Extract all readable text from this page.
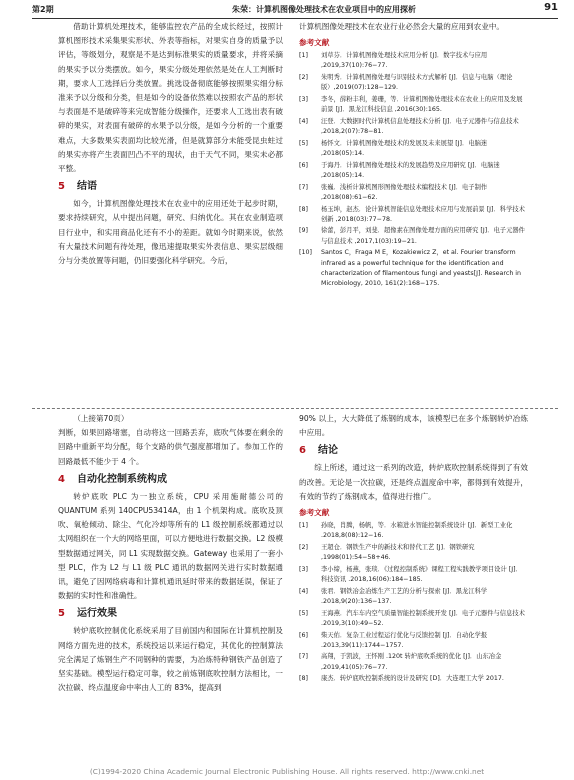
第2期	朱荣：计算机图像处理技术在农业项目中的应用探析	91

借助计算机处理技术，能够监控农产品的全成长经过，按照计算机图形技术采集果实形状、外表等指标，对果实自身的质量予以评估，等级划分，观察是不是达到标准果实的质量要求，并将采摘的果实予以分类摆放。如今，果实分级处理依然是处在人工判断时期，要求人工选择后分类放置。挑选设备彻底能够按照果实细分标准来予以分级和分类，但是如今的设备依然难以按照农产品的形状与表面是不是破碎等来完成智能分级操作，还要求人工选出表有破碎的果实，对表面有破碎的水果予以分级，是如今分析的一个重要难点，大多数果实表面均比较光滑，但是就算部分未能受昆虫蛀过的果实亦将产生表面凹凸不平的现状，由于天气不同，果实未必都平整。

5 结语

如今，计算机图像处理技术在农业中的应用还处于起步时期，要求持续研究，从中提出问题，研究、归纳优化。其在农业制造项目行业中，和实用商品化还有不小的差距。就如今时期来说，依然有大量技术问题有待处理，像迅速提取果实外表信息、果实层级细分与分类放置等问题，仍旧要强化科学研究。今后，

计算机图像处理技术在农业行业必然会大量的应用到农业中。

参考文献
[1]	刘草芬．计算机图像处理技术应用分析 [J]．数字技术与应用 ,2019,37(10):76−77.
[2]	朱明秀．计算机图像处理与识别技术方式解析 [J]．信息与电脑（理论版）,2019(07):128−129.
[3]	李冬，薛粉丰利，姜珊，等．计算机图像处理技术在农业上的应用及发展前景 [J]．黑龙江科技信息 ,2016(30):165.
[4]	汪登．大数据时代计算机信息处理技术分析 [J]．电子元器件与信息技术 ,2018,2(07):78−81.
[5]	杨怀文．计算机图像处理技术的发展及未来展望 [J]．电脑迷 ,2018(05):14.
[6]	于海丹．计算机图像处理技术的发展趋势及应用研究 [J]．电脑迷 ,2018(05):14.
[7]	张巍．浅析计算机图形图像处理技术编程技术 [J]．电子制作 ,2018(08):61−62.
[8]	杨玉坤，赵杰．论计算机智能信息处理技术应用与发展前景 [J]．科学技术创新 ,2018(03):77−78.
[9]	徐蕾，彭月平，刘斐．超像素在图像处理方面的应用研究 [J]．电子元器件与信息技术 ,2017,1(03):19−21.
[10]	Santos C，Fraga M E，Kozakiewicz Z，et al. Fourier transform infrared as a powerful technique for the identification and characterization of filamentous fungi and yeasts[J]. Research in Microbiology, 2010, 161(2):168−175.

（上接第70页）

判断，如果回路堵塞，自动将这一回路丢弃，底吹气体要在剩余的回路中重新平均分配，每个支路的供气强度都增加了。参加工作的回路最低不能少于 4 个。

4 自动化控制系统构成

转炉底吹 PLC 为一独立系统，CPU 采用施耐德公司的 QUANTUM 系列 140CPU53414A，由 1 个机架构成。底吹及顶吹、氧枪倾动、除尘、气化冷却等所有的 L1 级控制系统都通过以太网组织在一个大的网络里面，可以方便地进行数据交换。L2 级模型数据通过网关，同 L1 实现数据交换。Gateway 也采用了一套小型 PLC，作为 L2 与 L1 级 PLC 通讯的数据网关进行实时数据通讯，避免了因网络病毒和计算机通讯延时带来的数据延误，保证了数据的实时性和准确性。

5 运行效果

转炉底吹控制优化系统采用了目前国内和国际在计算机控制及网络方面先进的技术，系统投运以来运行稳定，其优化的控制算法完全满足了炼钢生产不同钢种的需要，为冶炼特种钢铁产品创造了坚实基础。模型运行稳定可靠，较之前炼钢底吹控制方法相比，一次拉碳、终点温度命中率由人工的 83%，提高到

90% 以上，大大降低了炼钢的成本，该模型已在多个炼钢转炉冶炼中应用。

6 结论

综上所述，通过这一系列的改造，转炉底吹控制系统得到了有效的改善。无论是一次拉碳，还是终点温度命中率，都得到有效提升，有效的节约了炼钢成本，值得进行推广。

参考文献
[1]	孙晓，肖腾，杨帆，等．水箱进水智能控制系统设计 [J]．新型工业化 .2018,8(08):12−16.
[2]	王超仓．钢铁生产中的新技术和替代工艺 [J]．钢铁研究 ,1998(01):54−58+46.
[3]	李小缔，杨燕，张琰．《过程控制系统》课程工程实践教学项目设计 [J]．科技资讯 .2018,16(06):184−185.
[4]	张君．钢铁冶金冶炼生产工艺的分析与探索 [J]．黑龙江科学 .2018,9(20):136−137.
[5]	王海燕．汽车车内空气质量智能控制系统开发 [J]．电子元器件与信息技术 .2019,3(10):49−52.
[6]	柴天佑．复杂工业过程运行优化与反馈控制 [J]．自动化学报 .2013,39(11):1744−1757.
[7]	高翔，于凯波，王怀刚 .120t 转炉底吹系统的优化 [J]．山东冶金 ,2019,41(05):76−77.
[8]	康杰．转炉底吹控制系统的设计及研究 [D]．大连理工大学 2017.
(C)1994-2020 China Academic Journal Electronic Publishing House. All rights reserved. http://www.cnki.net
